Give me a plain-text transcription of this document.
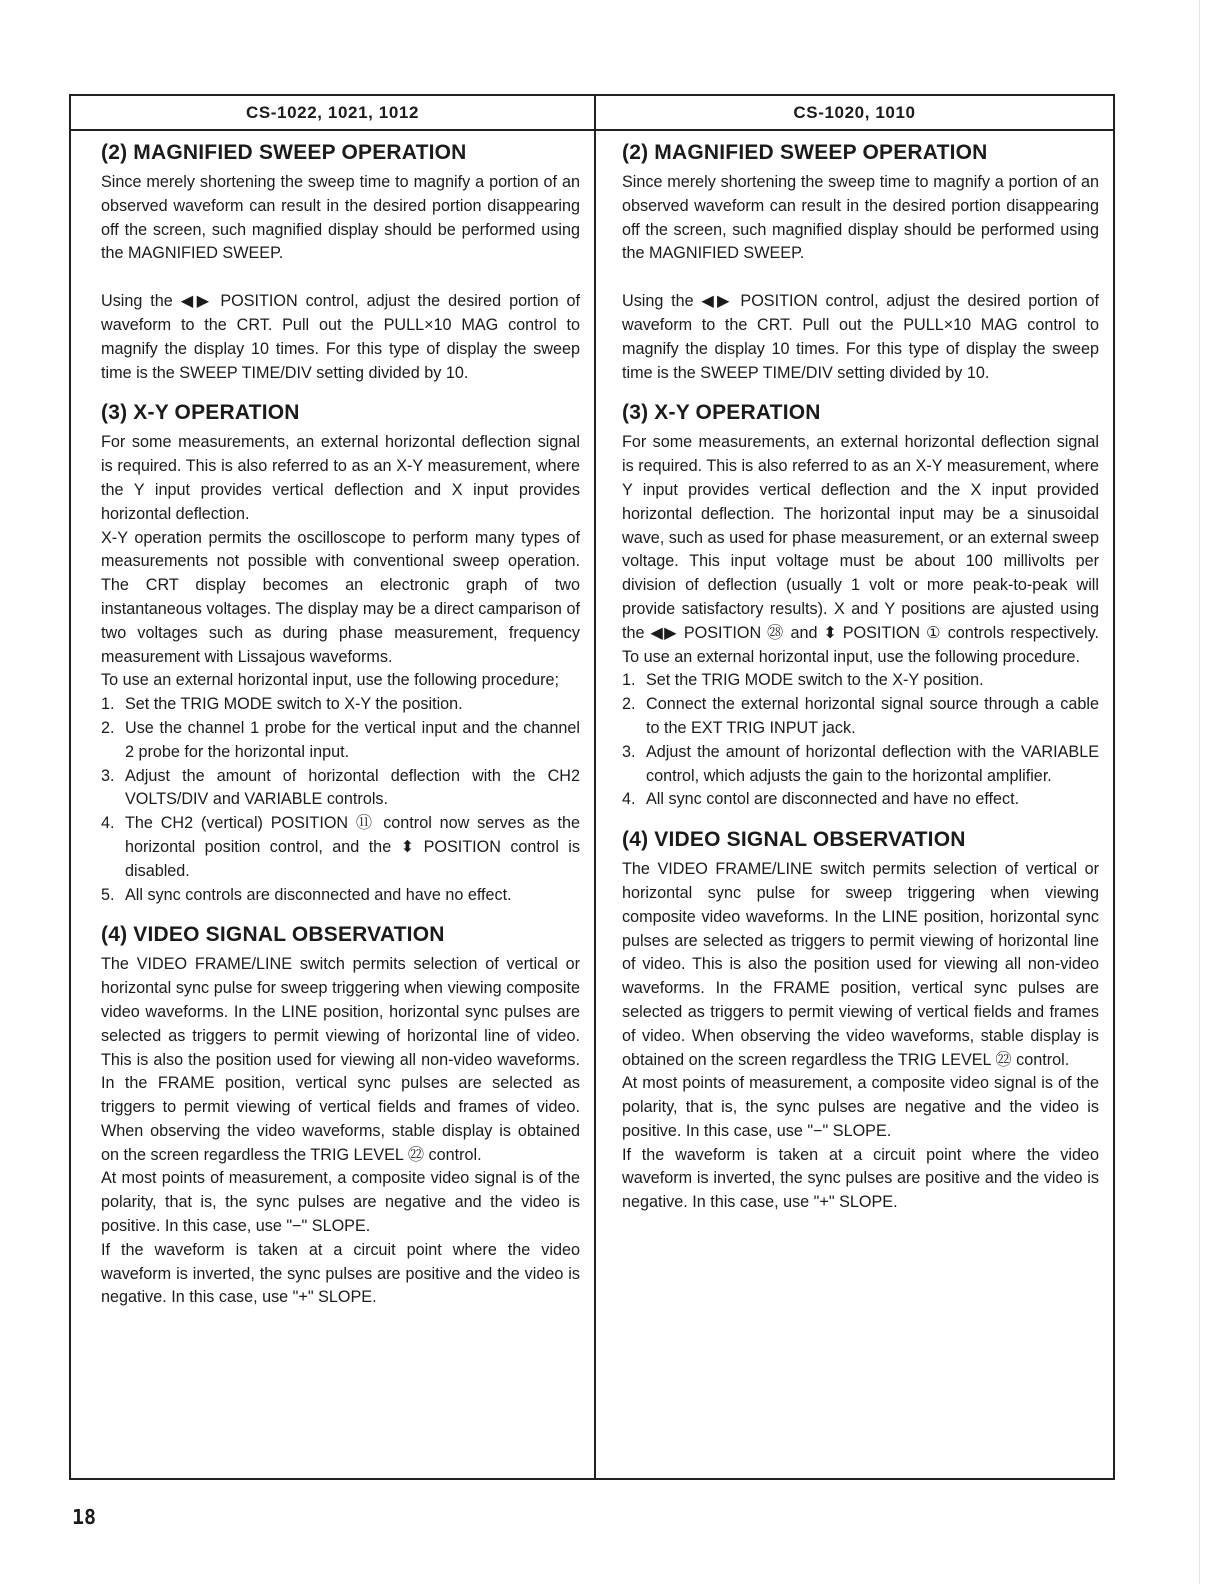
CS-1022, 1021, 1012
(2) MAGNIFIED SWEEP OPERATION

Since merely shortening the sweep time to magnify a portion of an observed waveform can result in the desired portion disappearing off the screen, such magnified display should be performed using the MAGNIFIED SWEEP.

Using the ◀▶ POSITION control, adjust the desired portion of waveform to the CRT. Pull out the PULL×10 MAG control to magnify the display 10 times. For this type of display the sweep time is the SWEEP TIME/DIV setting divided by 10.

(3) X-Y OPERATION

For some measurements, an external horizontal deflection signal is required. This is also referred to as an X-Y measurement, where the Y input provides vertical deflection and X input provides horizontal deflection.

X-Y operation permits the oscilloscope to perform many types of measurements not possible with conventional sweep operation. The CRT display becomes an electronic graph of two instantaneous voltages. The display may be a direct camparison of two voltages such as during phase measurement, frequency measurement with Lissajous waveforms.

To use an external horizontal input, use the following procedure;

1. Set the TRIG MODE switch to X-Y the position.
2. Use the channel 1 probe for the vertical input and the channel 2 probe for the horizontal input.
3. Adjust the amount of horizontal deflection with the CH2 VOLTS/DIV and VARIABLE controls.
4. The CH2 (vertical) POSITION ⑪ control now serves as the horizontal position control, and the ⬍ POSITION control is disabled.
5. All sync controls are disconnected and have no effect.
(4) VIDEO SIGNAL OBSERVATION

The VIDEO FRAME/LINE switch permits selection of vertical or horizontal sync pulse for sweep triggering when viewing composite video waveforms. In the LINE position, horizontal sync pulses are selected as triggers to permit viewing of horizontal line of video. This is also the position used for viewing all non-video waveforms. In the FRAME position, vertical sync pulses are selected as triggers to permit viewing of vertical fields and frames of video. When observing the video waveforms, stable display is obtained on the screen regardless the TRIG LEVEL ㉒ control.

At most points of measurement, a composite video signal is of the polarity, that is, the sync pulses are negative and the video is positive. In this case, use "−" SLOPE.

If the waveform is taken at a circuit point where the video waveform is inverted, the sync pulses are positive and the video is negative. In this case, use "+" SLOPE.

CS-1020, 1010
(2) MAGNIFIED SWEEP OPERATION

Since merely shortening the sweep time to magnify a portion of an observed waveform can result in the desired portion disappearing off the screen, such magnified display should be performed using the MAGNIFIED SWEEP.

Using the ◀▶ POSITION control, adjust the desired portion of waveform to the CRT. Pull out the PULL×10 MAG control to magnify the display 10 times. For this type of display the sweep time is the SWEEP TIME/DIV setting divided by 10.

(3) X-Y OPERATION

For some measurements, an external horizontal deflection signal is required. This is also referred to as an X-Y measurement, where Y input provides vertical deflection and the X input provided horizontal deflection. The horizontal input may be a sinusoidal wave, such as used for phase measurement, or an external sweep voltage. This input voltage must be about 100 millivolts per division of deflection (usually 1 volt or more peak-to-peak will provide satisfactory results). X and Y positions are ajusted using the ◀▶ POSITION ㉘ and ⬍ POSITION ① controls respectively. To use an external horizontal input, use the following procedure.

1. Set the TRIG MODE switch to the X-Y position.
2. Connect the external horizontal signal source through a cable to the EXT TRIG INPUT jack.
3. Adjust the amount of horizontal deflection with the VARIABLE control, which adjusts the gain to the horizontal amplifier.
4. All sync contol are disconnected and have no effect.
(4) VIDEO SIGNAL OBSERVATION

The VIDEO FRAME/LINE switch permits selection of vertical or horizontal sync pulse for sweep triggering when viewing composite video waveforms. In the LINE position, horizontal sync pulses are selected as triggers to permit viewing of horizontal line of video. This is also the position used for viewing all non-video waveforms. In the FRAME position, vertical sync pulses are selected as triggers to permit viewing of vertical fields and frames of video. When observing the video waveforms, stable display is obtained on the screen regardless the TRIG LEVEL ㉒ control.

At most points of measurement, a composite video signal is of the polarity, that is, the sync pulses are negative and the video is positive. In this case, use "−" SLOPE.

If the waveform is taken at a circuit point where the video waveform is inverted, the sync pulses are positive and the video is negative. In this case, use "+" SLOPE.

18
